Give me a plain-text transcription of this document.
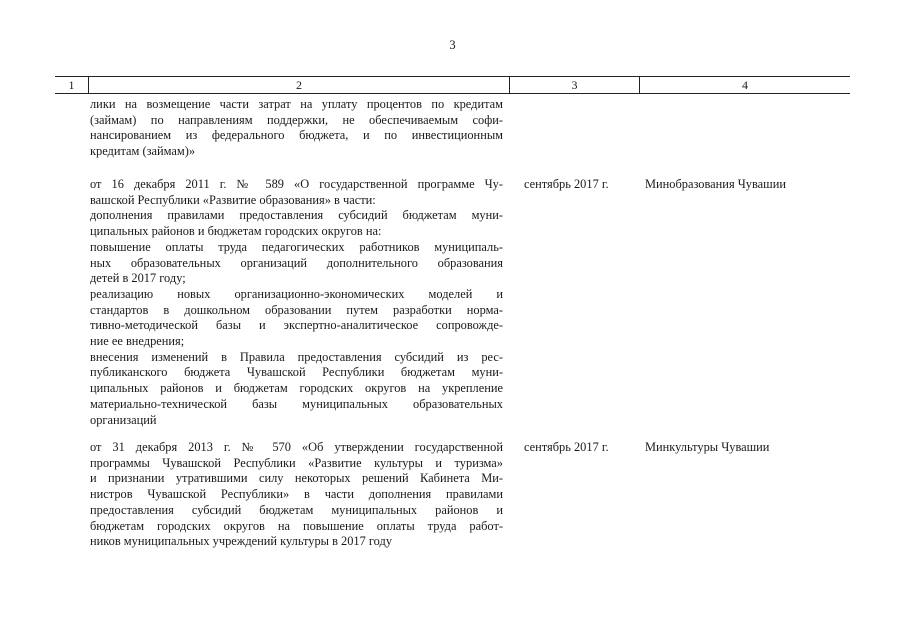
3
1	2	3	4
лики на возмещение части затрат на уплату процентов по кредитам
(займам) по направлениям поддержки, не обеспечиваемым софи-
нансированием из федерального бюджета, и по инвестиционным
кредитам (займам)»
от 16 декабря 2011 г. № 589 «О государственной программе Чу-
вашской Республики «Развитие образования» в части:
дополнения правилами предоставления субсидий бюджетам муни-
ципальных районов и бюджетам городских округов на:
повышение оплаты труда педагогических работников муниципаль-
ных образовательных организаций дополнительного образования
детей в 2017 году;
реализацию новых организационно-экономических моделей и
стандартов в дошкольном образовании путем разработки норма-
тивно-методической базы и экспертно-аналитическое сопровожде-
ние ее внедрения;
внесения изменений в Правила предоставления субсидий из рес-
публиканского бюджета Чувашской Республики бюджетам муни-
ципальных районов и бюджетам городских округов на укрепление
материально-технической базы муниципальных образовательных
организаций
сентябрь 2017 г.	Минобразования Чувашии
от 31 декабря 2013 г. № 570 «Об утверждении государственной
программы Чувашской Республики «Развитие культуры и туризма»
и признании утратившими силу некоторых решений Кабинета Ми-
нистров Чувашской Республики» в части дополнения правилами
предоставления субсидий бюджетам муниципальных районов и
бюджетам городских округов на повышение оплаты труда работ-
ников муниципальных учреждений культуры в 2017 году
сентябрь 2017 г.	Минкультуры Чувашии
